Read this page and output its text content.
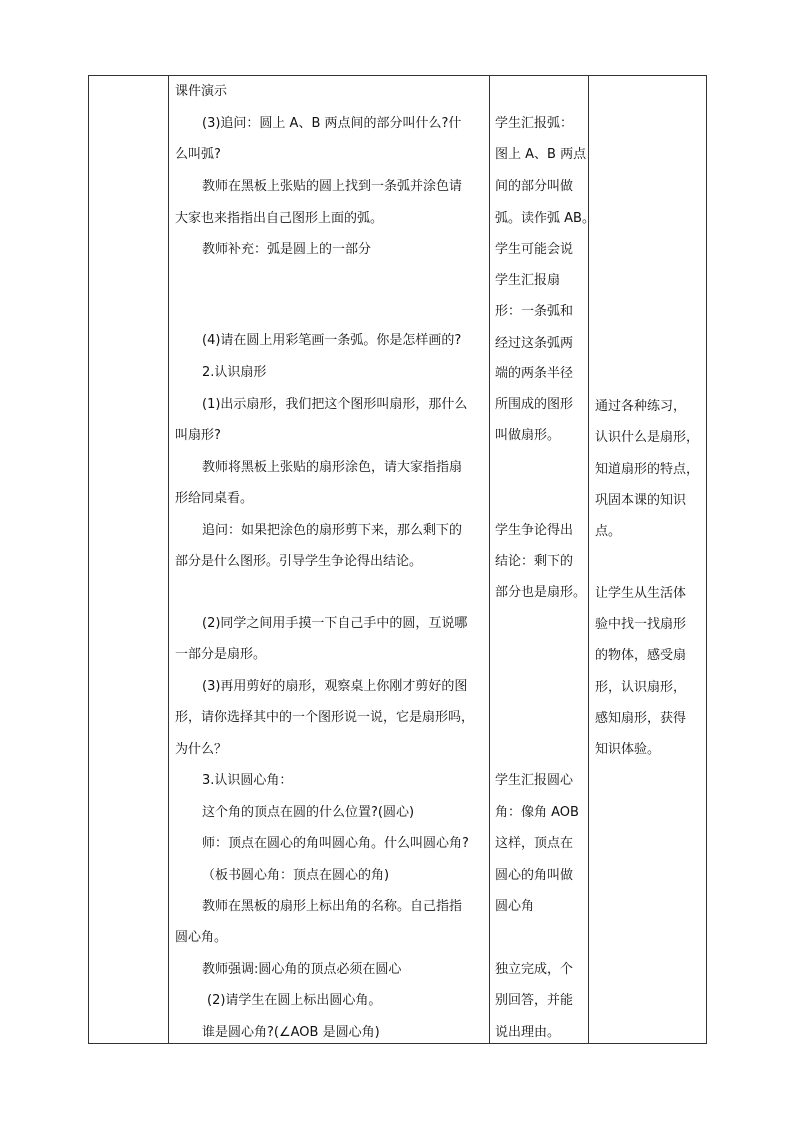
课件演示
(3)追问：圆上 A、B 两点间的部分叫什么?什
么叫弧?
教师在黑板上张贴的圆上找到一条弧并涂色请
大家也来指指出自己图形上面的弧。
教师补充：弧是圆上的一部分
(4)请在圆上用彩笔画一条弧。你是怎样画的?
2.认识扇形
(1)出示扇形，我们把这个图形叫扇形，那什么
叫扇形?
教师将黑板上张贴的扇形涂色，请大家指指扇
形给同桌看。
追问：如果把涂色的扇形剪下来，那么剩下的
部分是什么图形。引导学生争论得出结论。
(2)同学之间用手摸一下自己手中的圆，互说哪
一部分是扇形。
(3)再用剪好的扇形，观察桌上你刚才剪好的图
形，请你选择其中的一个图形说一说，它是扇形吗，
为什么？
3.认识圆心角：
这个角的顶点在圆的什么位置?(圆心)
师：顶点在圆心的角叫圆心角。什么叫圆心角?
（板书圆心角：顶点在圆心的角)
教师在黑板的扇形上标出角的名称。自己指指
圆心角。
教师强调:圆心角的顶点必须在圆心
(2)请学生在圆上标出圆心角。
谁是圆心角?(∠AOB 是圆心角)
学生汇报弧：
图上 A、B 两点
间的部分叫做
弧。读作弧 AB。
学生可能会说
学生汇报扇
形：一条弧和
经过这条弧两
端的两条半径
所围成的图形
叫做扇形。
学生争论得出
结论：剩下的
部分也是扇形。
学生汇报圆心
角：像角 AOB
这样，顶点在
圆心的角叫做
圆心角
独立完成，个
别回答，并能
说出理由。
通过各种练习，
认识什么是扇形，
知道扇形的特点，
巩固本课的知识
点。
让学生从生活体
验中找一找扇形
的物体，感受扇
形，认识扇形，
感知扇形，获得
知识体验。
